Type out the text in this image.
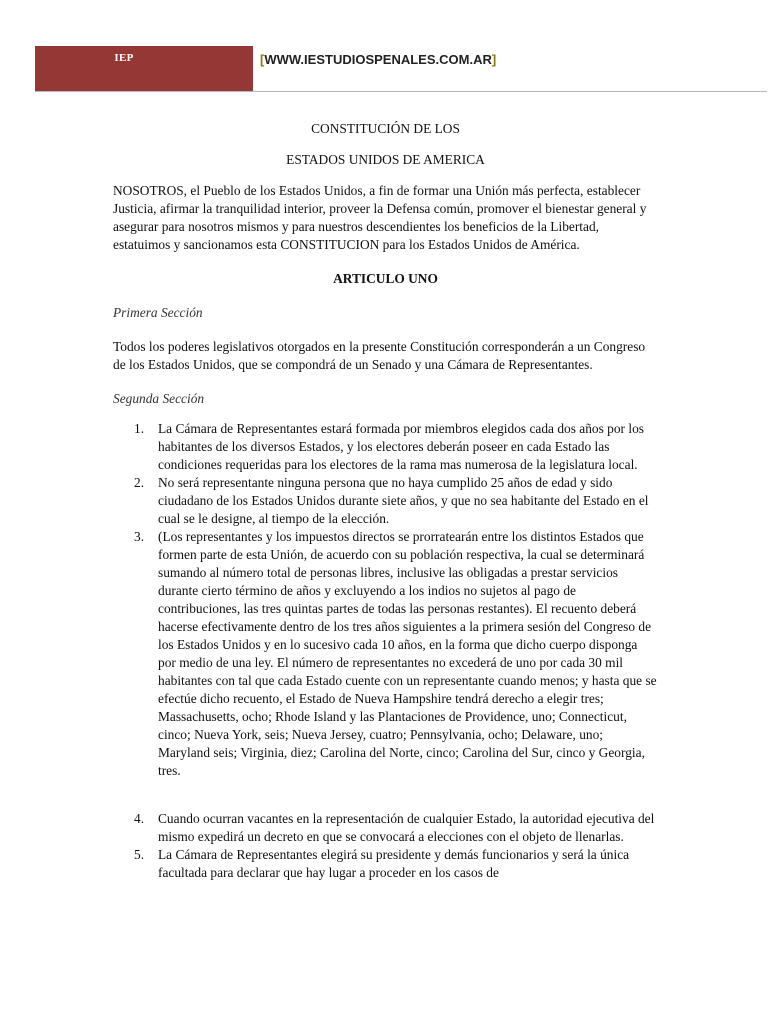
IEP	[WWW.IESTUDIOSPENALES.COM.AR]
CONSTITUCIÓN DE LOS
ESTADOS UNIDOS DE AMERICA

NOSOTROS, el Pueblo de los Estados Unidos, a fin de formar una Unión más perfecta, establecer Justicia, afirmar la tranquilidad interior, proveer la Defensa común, promover el bienestar general y asegurar para nosotros mismos y para nuestros descendientes los beneficios de la Libertad, estatuimos y sancionamos esta CONSTITUCION para los Estados Unidos de América.

ARTICULO UNO
Primera Sección

Todos los poderes legislativos otorgados en la presente Constitución corresponderán a un Congreso de los Estados Unidos, que se compondrá de un Senado y una Cámara de Representantes.

Segunda Sección
1. La Cámara de Representantes estará formada por miembros elegidos cada dos años por los habitantes de los diversos Estados, y los electores deberán poseer en cada Estado las condiciones requeridas para los electores de la rama mas numerosa de la legislatura local.
2. No será representante ninguna persona que no haya cumplido 25 años de edad y sido ciudadano de los Estados Unidos durante siete años, y que no sea habitante del Estado en el cual se le designe, al tiempo de la elección.
3. (Los representantes y los impuestos directos se prorratearán entre los distintos Estados que formen parte de esta Unión, de acuerdo con su población respectiva, la cual se determinará sumando al número total de personas libres, inclusive las obligadas a prestar servicios durante cierto término de años y excluyendo a los indios no sujetos al pago de contribuciones, las tres quintas partes de todas las personas restantes). El recuento deberá hacerse efectivamente dentro de los tres años siguientes a la primera sesión del Congreso de los Estados Unidos y en lo sucesivo cada 10 años, en la forma que dicho cuerpo disponga por medio de una ley. El número de representantes no excederá de uno por cada 30 mil habitantes con tal que cada Estado cuente con un representante cuando menos; y hasta que se efectúe dicho recuento, el Estado de Nueva Hampshire tendrá derecho a elegir tres; Massachusetts, ocho; Rhode Island y las Plantaciones de Providence, uno; Connecticut, cinco; Nueva York, seis; Nueva Jersey, cuatro; Pennsylvania, ocho; Delaware, uno; Maryland seis; Virginia, diez; Carolina del Norte, cinco; Carolina del Sur, cinco y Georgia, tres.
4. Cuando ocurran vacantes en la representación de cualquier Estado, la autoridad ejecutiva del mismo expedirá un decreto en que se convocará a elecciones con el objeto de llenarlas.
5. La Cámara de Representantes elegirá su presidente y demás funcionarios y será la única facultada para declarar que hay lugar a proceder en los casos de
